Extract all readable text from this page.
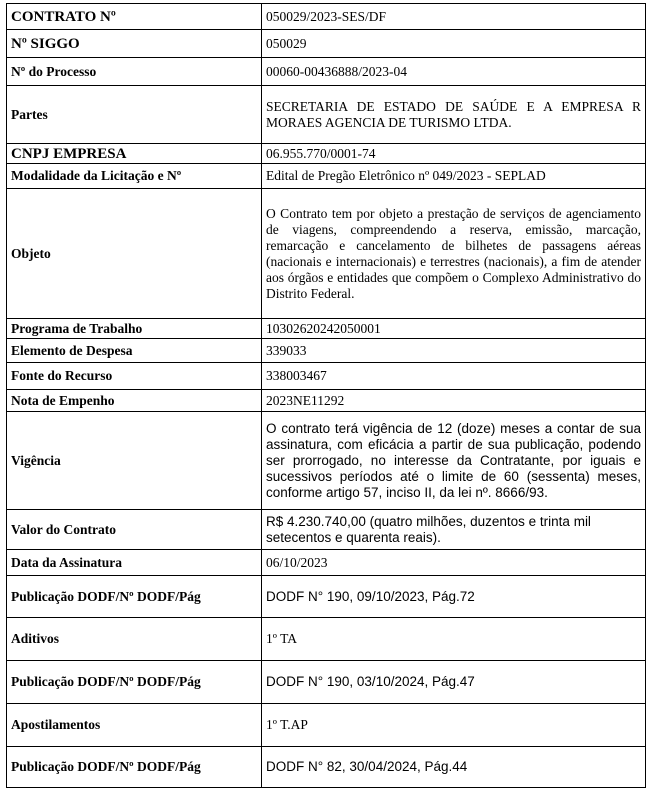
CONTRATO Nº	050029/2023-SES/DF
Nº SIGGO	050029
Nº do Processo	00060-00436888/2023-04
Partes	SECRETARIA DE ESTADO DE SAÚDE E A EMPRESA R MORAES AGENCIA DE TURISMO LTDA.
CNPJ EMPRESA	06.955.770/0001-74
Modalidade da Licitação e Nº	Edital de Pregão Eletrônico nº 049/2023 - SEPLAD
Objeto	O Contrato tem por objeto a prestação de serviços de agenciamento de viagens, compreendendo a reserva, emissão, marcação, remarcação e cancelamento de bilhetes de passagens aéreas (nacionais e internacionais) e terrestres (nacionais), a fim de atender aos órgãos e entidades que compõem o Complexo Administrativo do Distrito Federal.
Programa de Trabalho	10302620242050001
Elemento de Despesa	339033
Fonte do Recurso	338003467
Nota de Empenho	2023NE11292
Vigência	O contrato terá vigência de 12 (doze) meses a contar de sua assinatura, com eficácia a partir de sua publicação, podendo ser prorrogado, no interesse da Contratante, por iguais e sucessivos períodos até o limite de 60 (sessenta) meses, conforme artigo 57, inciso II, da lei nº. 8666/93.
Valor do Contrato	R$ 4.230.740,00 (quatro milhões, duzentos e trinta mil setecentos e quarenta reais).
Data da Assinatura	06/10/2023
Publicação DODF/Nº DODF/Pág	DODF N° 190, 09/10/2023, Pág.72
Aditivos	1º TA
Publicação DODF/Nº DODF/Pág	DODF N° 190, 03/10/2024, Pág.47
Apostilamentos	1º T.AP
Publicação DODF/Nº DODF/Pág	DODF N° 82, 30/04/2024, Pág.44
